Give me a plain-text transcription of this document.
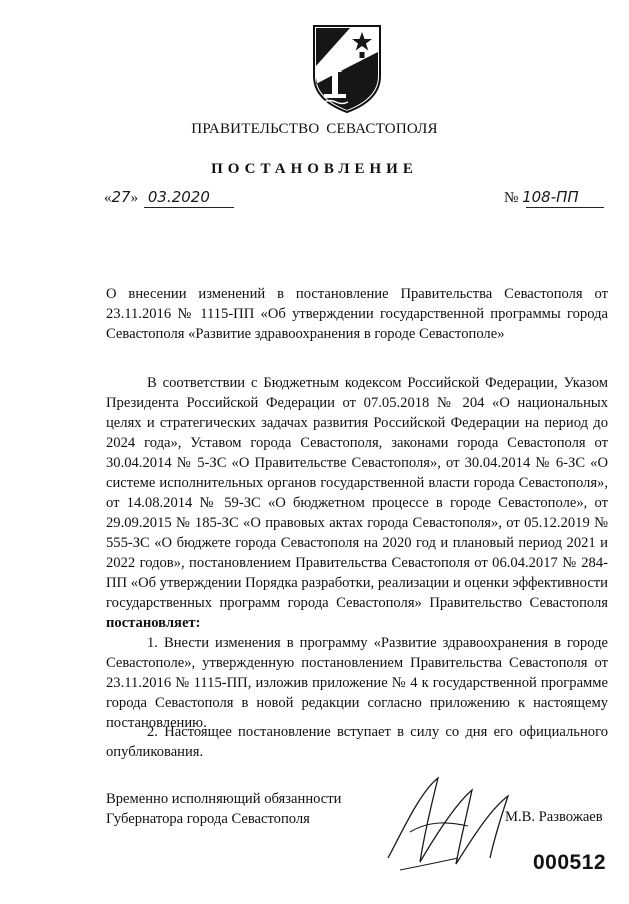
ПРАВИТЕЛЬСТВО СЕВАСТОПОЛЯ
ПОСТАНОВЛЕНИЕ
«27» 03.2020	№ 108-ПП
О внесении изменений в постановление Правительства Севастополя от 23.11.2016 № 1115-ПП «Об утверждении государственной программы города Севастополя «Развитие здравоохранения в городе Севастополе»
В соответствии с Бюджетным кодексом Российской Федерации, Указом Президента Российской Федерации от 07.05.2018 № 204 «О национальных целях и стратегических задачах развития Российской Федерации на период до 2024 года», Уставом города Севастополя, законами города Севастополя от 30.04.2014 № 5-ЗС «О Правительстве Севастополя», от 30.04.2014 № 6-ЗС «О системе исполнительных органов государственной власти города Севастополя», от 14.08.2014 № 59-ЗС «О бюджетном процессе в городе Севастополе», от 29.09.2015 № 185-ЗС «О правовых актах города Севастополя», от 05.12.2019 № 555-ЗС «О бюджете города Севастополя на 2020 год и плановый период 2021 и 2022 годов», постановлением Правительства Севастополя от 06.04.2017 № 284-ПП «Об утверждении Порядка разработки, реализации и оценки эффективности государственных программ города Севастополя» Правительство Севастополя постановляет:
1. Внести изменения в программу «Развитие здравоохранения в городе Севастополе», утвержденную постановлением Правительства Севастополя от 23.11.2016 № 1115-ПП, изложив приложение № 4 к государственной программе города Севастополя в новой редакции согласно приложению к настоящему постановлению.
2. Настоящее постановление вступает в силу со дня его официального опубликования.
Временно исполняющий обязанности
Губернатора города Севастополя	М.В. Развожаев
000512
